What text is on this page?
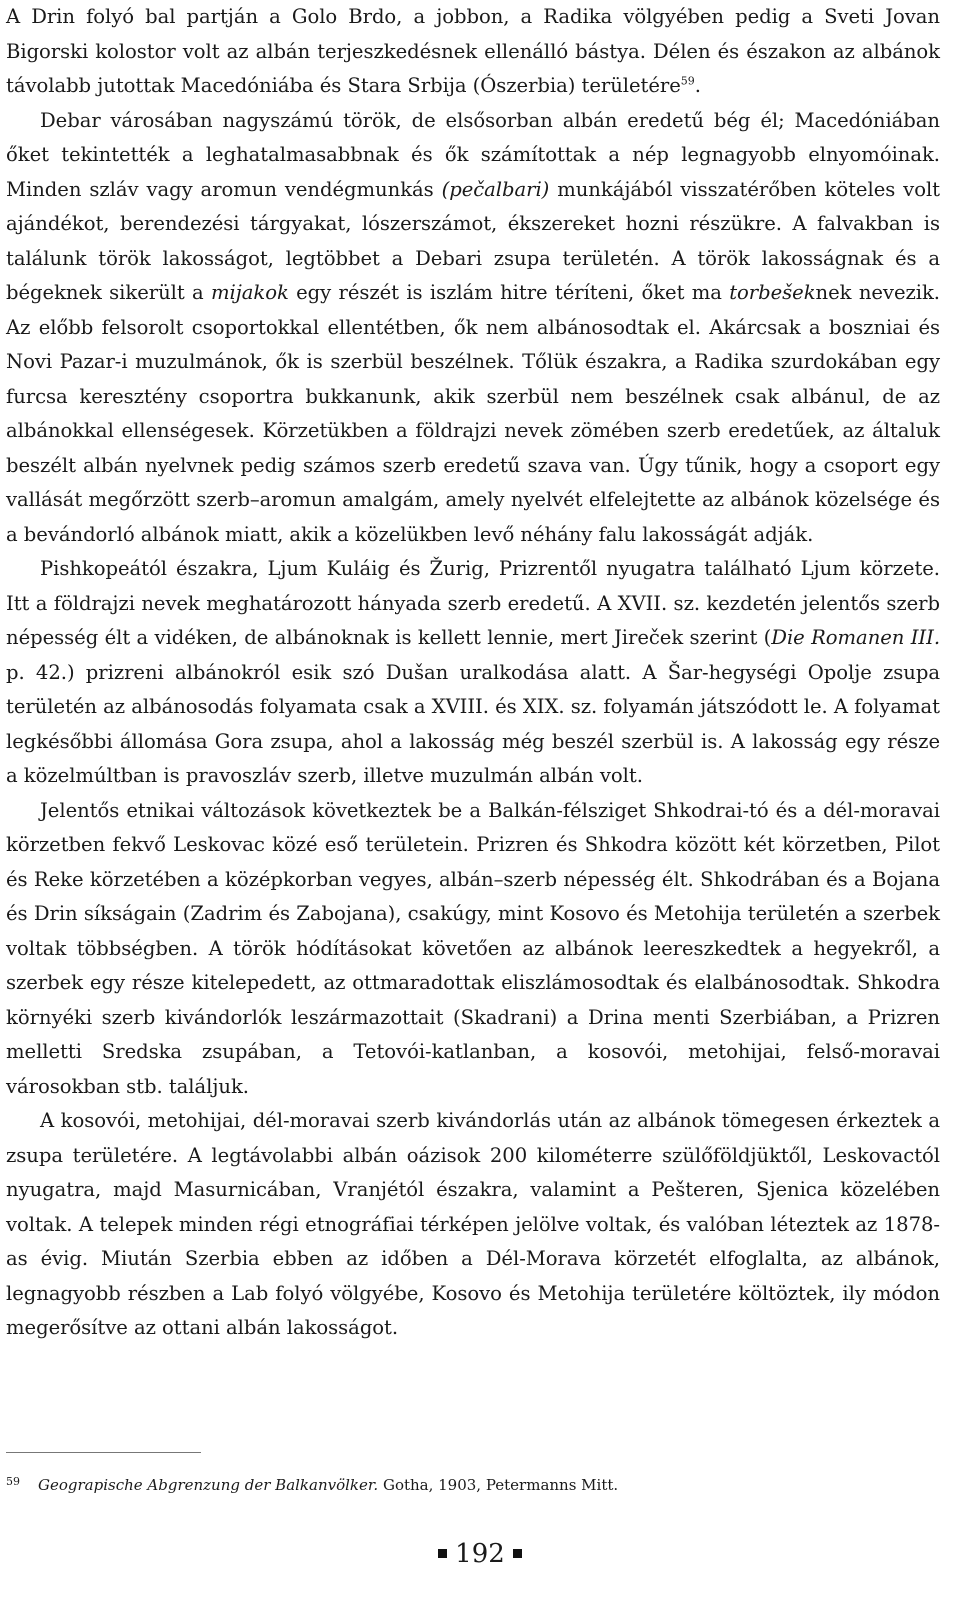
A Drin folyó bal partján a Golo Brdo, a jobbon, a Radika völgyében pedig a Sveti Jovan Bigorski kolostor volt az albán terjeszkedésnek ellenálló bástya. Délen és északon az albánok távolabb jutottak Macedóniába és Stara Srbija (Ószerbia) területére$^{59}$.

Debar városában nagyszámú török, de elsősorban albán eredetű bég él; Macedóniában őket tekintették a leghatalmasabbnak és ők számítottak a nép legnagyobb elnyomóinak. Minden szláv vagy aromun vendégmunkás (pečalbari) munkájából visszatérőben köteles volt ajándékot, berendezési tárgyakat, lószerszámot, ékszereket hozni részükre. A falvakban is találunk török lakosságot, legtöbbet a Debari zsupa területén. A török lakosságnak és a bégeknek sikerült a mijakok egy részét is iszlám hitre téríteni, őket ma torbešeknek nevezik. Az előbb felsorolt csoportokkal ellentétben, ők nem albánosodtak el. Akárcsak a boszniai és Novi Pazar-i muzulmánok, ők is szerbül beszélnek. Tőlük északra, a Radika szurdokában egy furcsa keresztény csoportra bukkanunk, akik szerbül nem beszélnek csak albánul, de az albánokkal ellenségesek. Körzetükben a földrajzi nevek zömében szerb eredetűek, az általuk beszélt albán nyelvnek pedig számos szerb eredetű szava van. Úgy tűnik, hogy a csoport egy vallását megőrzött szerb–aromun amalgám, amely nyelvét elfelejtette az albánok közelsége és a bevándorló albánok miatt, akik a közelükben levő néhány falu lakosságát adják.

Pishkopeától északra, Ljum Kuláig és Žurig, Prizrentől nyugatra található Ljum körzete. Itt a földrajzi nevek meghatározott hányada szerb eredetű. A XVII. sz. kezdetén jelentős szerb népesség élt a vidéken, de albánoknak is kellett lennie, mert Jireček szerint (Die Romanen III. p. 42.) prizreni albánokról esik szó Dušan uralkodása alatt. A Šar-hegységi Opolje zsupa területén az albánosodás folyamata csak a XVIII. és XIX. sz. folyamán játszódott le. A folyamat legkésőbbi állomása Gora zsupa, ahol a lakosság még beszél szerbül is. A lakosság egy része a közelmúltban is pravoszláv szerb, illetve muzulmán albán volt.

Jelentős etnikai változások következtek be a Balkán-félsziget Shkodrai-tó és a dél-moravai körzetben fekvő Leskovac közé eső területein. Prizren és Shkodra között két körzetben, Pilot és Reke körzetében a középkorban vegyes, albán–szerb népesség élt. Shkodrában és a Bojana és Drin síkságain (Zadrim és Zabojana), csakúgy, mint Kosovo és Metohija területén a szerbek voltak többségben. A török hódításokat követően az albánok leereszkedtek a hegyekről, a szerbek egy része kitelepedett, az ottmaradottak eliszlámosodtak és elalbánosodtak. Shkodra környéki szerb kivándorlók leszármazottait (Skadrani) a Drina menti Szerbiában, a Prizren melletti Sredska zsupában, a Tetovói-katlanban, a kosovói, metohijai, felső-moravai városokban stb. találjuk.

A kosovói, metohijai, dél-moravai szerb kivándorlás után az albánok tömegesen érkeztek a zsupa területére. A legtávolabbi albán oázisok 200 kilométerre szülőföldjüktől, Leskovactól nyugatra, majd Masurnicában, Vranjétól északra, valamint a Pešteren, Sjenica közelében voltak. A telepek minden régi etnográfiai térképen jelölve voltak, és valóban léteztek az 1878-as évig. Miután Szerbia ebben az időben a Dél-Morava körzetét elfoglalta, az albánok, legnagyobb részben a Lab folyó völgyébe, Kosovo és Metohija területére költöztek, ily módon megerősítve az ottani albán lakosságot.

59 Geograpische Abgrenzung der Balkanvölker. Gotha, 1903, Petermanns Mitt.
192
